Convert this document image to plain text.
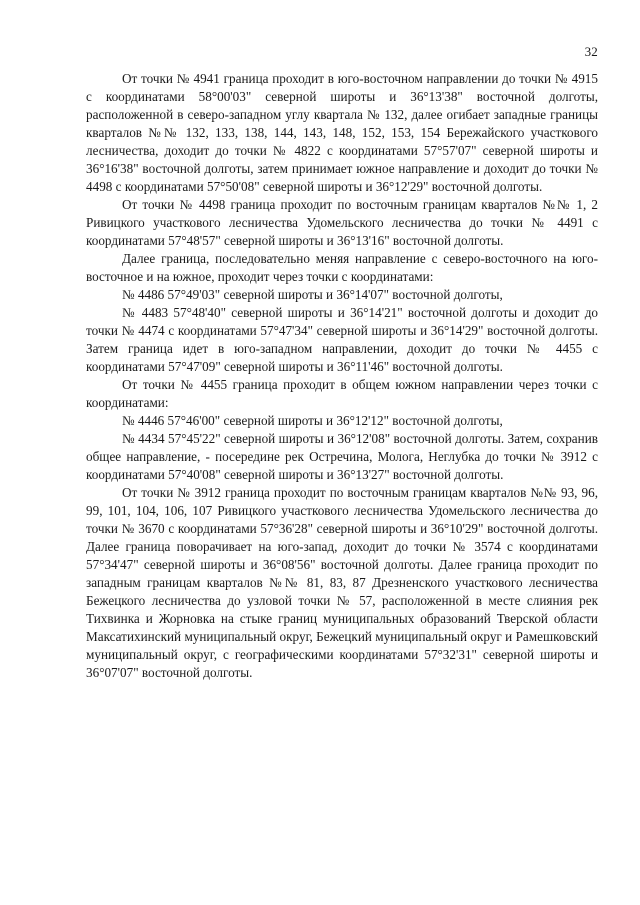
32

От точки № 4941 граница проходит в юго-восточном направлении до точки № 4915 с координатами 58°00'03" северной широты и 36°13'38" восточной долготы, расположенной в северо-западном углу квартала № 132, далее огибает западные границы кварталов №№ 132, 133, 138, 144, 143, 148, 152, 153, 154 Бережайского участкового лесничества, доходит до точки № 4822 с координатами 57°57'07" северной широты и 36°16'38" восточной долготы, затем принимает южное направление и доходит до точки № 4498 с координатами 57°50'08" северной широты и 36°12'29" восточной долготы.

От точки № 4498 граница проходит по восточным границам кварталов №№ 1, 2 Ривицкого участкового лесничества Удомельского лесничества до точки № 4491 с координатами 57°48'57" северной широты и 36°13'16" восточной долготы.

Далее граница, последовательно меняя направление с северо-восточного на юго-восточное и на южное, проходит через точки с координатами:

№ 4486 57°49'03" северной широты и 36°14'07" восточной долготы,

№ 4483 57°48'40" северной широты и 36°14'21" восточной долготы и доходит до точки № 4474 с координатами 57°47'34" северной широты и 36°14'29" восточной долготы. Затем граница идет в юго-западном направлении, доходит до точки № 4455 с координатами 57°47'09" северной широты и 36°11'46" восточной долготы.

От точки № 4455 граница проходит в общем южном направлении через точки с координатами:

№ 4446 57°46'00" северной широты и 36°12'12" восточной долготы,

№ 4434 57°45'22" северной широты и 36°12'08" восточной долготы. Затем, сохранив общее направление, - посередине рек Остречина, Молога, Неглубка до точки № 3912 с координатами 57°40'08" северной широты и 36°13'27" восточной долготы.

От точки № 3912 граница проходит по восточным границам кварталов №№ 93, 96, 99, 101, 104, 106, 107 Ривицкого участкового лесничества Удомельского лесничества до точки № 3670 с координатами 57°36'28" северной широты и 36°10'29" восточной долготы. Далее граница поворачивает на юго-запад, доходит до точки № 3574 с координатами 57°34'47" северной широты и 36°08'56" восточной долготы. Далее граница проходит по западным границам кварталов №№ 81, 83, 87 Дрезненского участкового лесничества Бежецкого лесничества до узловой точки № 57, расположенной в месте слияния рек Тихвинка и Жорновка на стыке границ муниципальных образований Тверской области Максатихинский муниципальный округ, Бежецкий муниципальный округ и Рамешковский муниципальный округ, с географическими координатами 57°32'31" северной широты и 36°07'07" восточной долготы.
